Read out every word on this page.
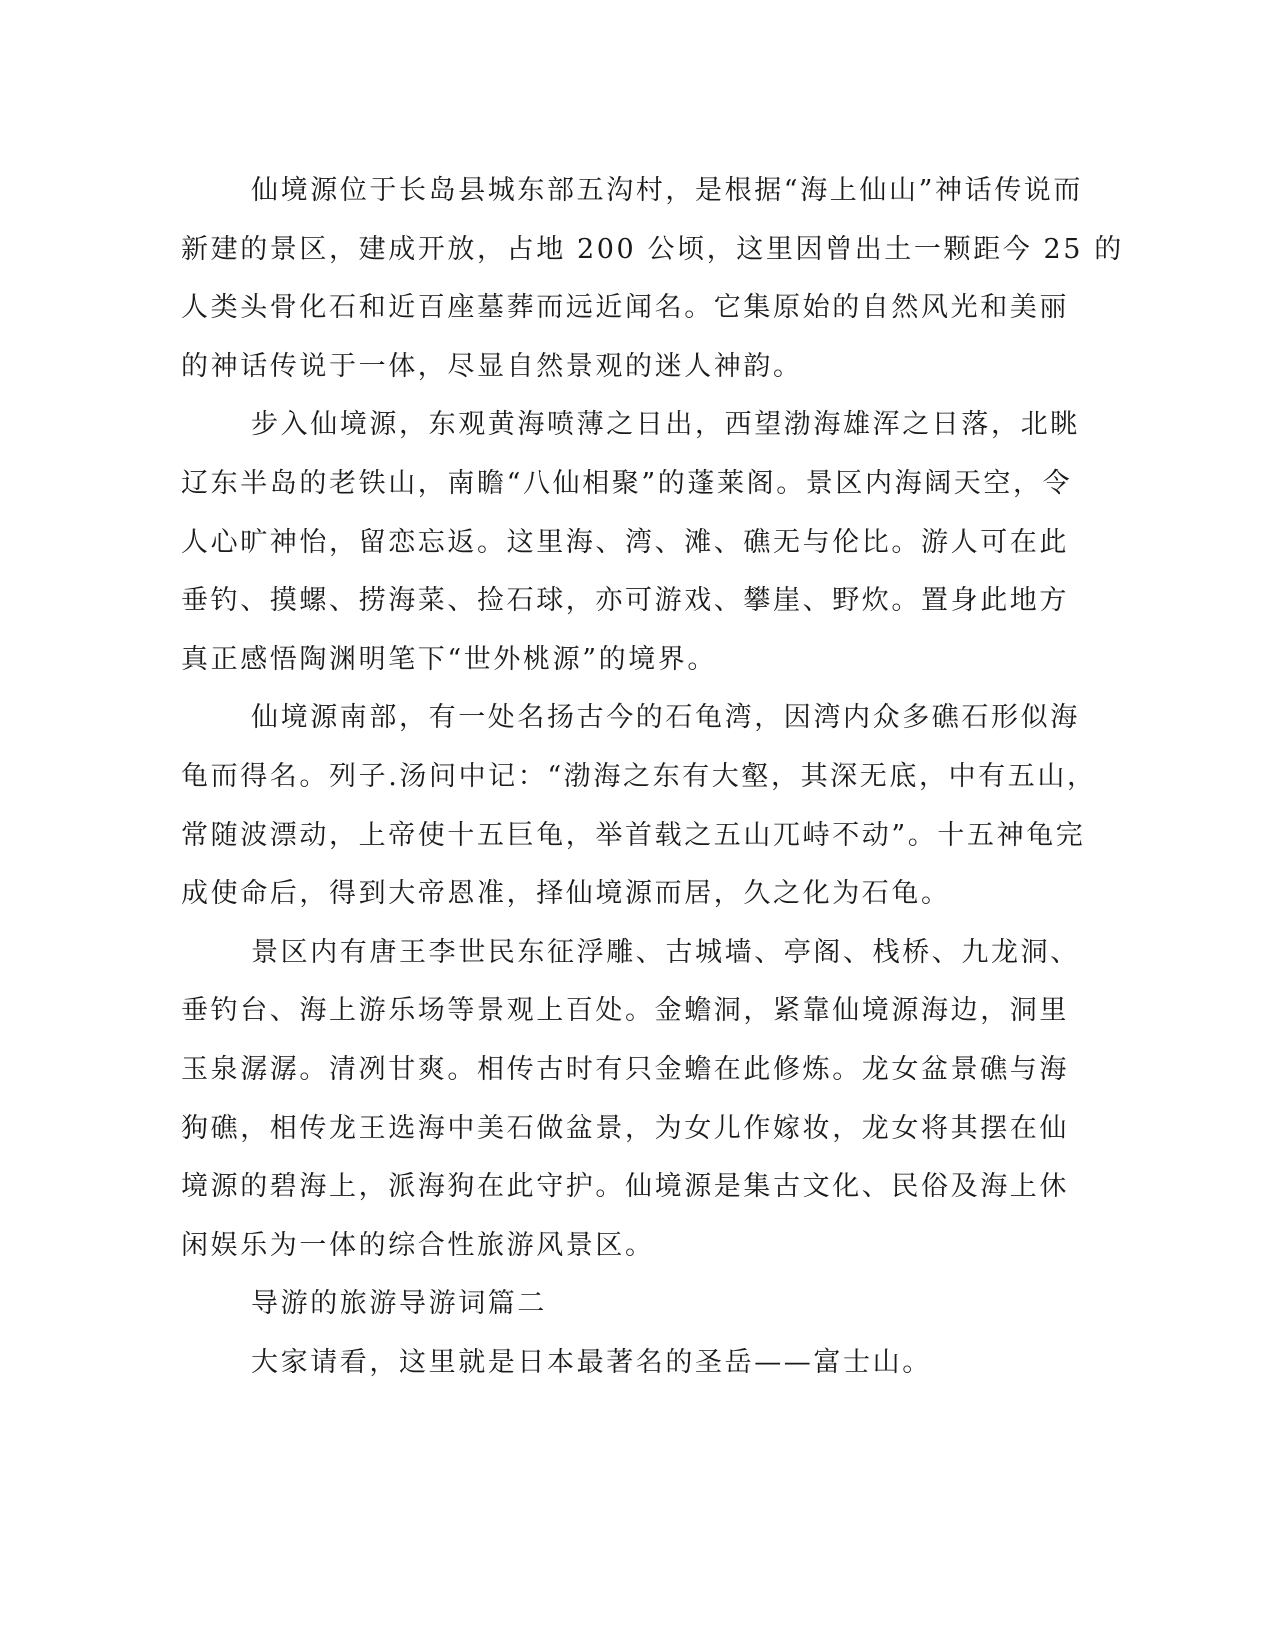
仙境源位于长岛县城东部五沟村，是根据“海上仙山”神话传说而
新建的景区，建成开放，占地 200 公顷，这里因曾出土一颗距今 25 的
人类头骨化石和近百座墓葬而远近闻名。它集原始的自然风光和美丽
的神话传说于一体，尽显自然景观的迷人神韵。

步入仙境源，东观黄海喷薄之日出，西望渤海雄浑之日落，北眺
辽东半岛的老铁山，南瞻“八仙相聚”的蓬莱阁。景区内海阔天空，令
人心旷神怡，留恋忘返。这里海、湾、滩、礁无与伦比。游人可在此
垂钓、摸螺、捞海菜、捡石球，亦可游戏、攀崖、野炊。置身此地方
真正感悟陶渊明笔下“世外桃源”的境界。

仙境源南部，有一处名扬古今的石龟湾，因湾内众多礁石形似海
龟而得名。列子.汤问中记：“渤海之东有大壑，其深无底，中有五山，
常随波漂动，上帝使十五巨龟，举首载之五山兀峙不动”。十五神龟完
成使命后，得到大帝恩准，择仙境源而居，久之化为石龟。

景区内有唐王李世民东征浮雕、古城墙、亭阁、栈桥、九龙洞、
垂钓台、海上游乐场等景观上百处。金蟾洞，紧靠仙境源海边，洞里
玉泉潺潺。清冽甘爽。相传古时有只金蟾在此修炼。龙女盆景礁与海
狗礁，相传龙王选海中美石做盆景，为女儿作嫁妆，龙女将其摆在仙
境源的碧海上，派海狗在此守护。仙境源是集古文化、民俗及海上休
闲娱乐为一体的综合性旅游风景区。

导游的旅游导游词篇二

大家请看，这里就是日本最著名的圣岳——富士山。
